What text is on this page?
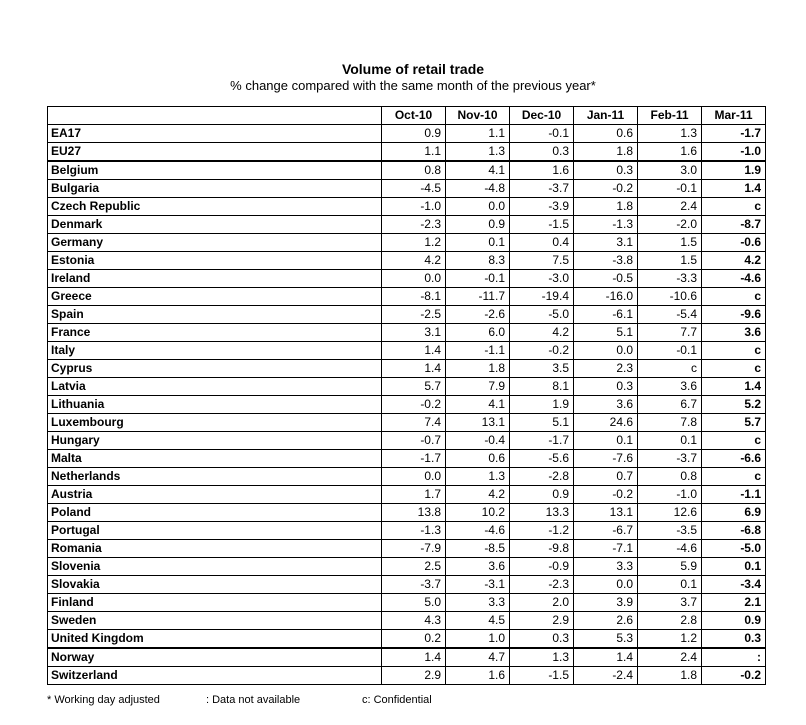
Volume of retail trade
% change compared with the same month of the previous year*
	Oct-10	Nov-10	Dec-10	Jan-11	Feb-11	Mar-11
EA17	0.9	1.1	-0.1	0.6	1.3	-1.7
EU27	1.1	1.3	0.3	1.8	1.6	-1.0
Belgium	0.8	4.1	1.6	0.3	3.0	1.9
Bulgaria	-4.5	-4.8	-3.7	-0.2	-0.1	1.4
Czech Republic	-1.0	0.0	-3.9	1.8	2.4	c
Denmark	-2.3	0.9	-1.5	-1.3	-2.0	-8.7
Germany	1.2	0.1	0.4	3.1	1.5	-0.6
Estonia	4.2	8.3	7.5	-3.8	1.5	4.2
Ireland	0.0	-0.1	-3.0	-0.5	-3.3	-4.6
Greece	-8.1	-11.7	-19.4	-16.0	-10.6	c
Spain	-2.5	-2.6	-5.0	-6.1	-5.4	-9.6
France	3.1	6.0	4.2	5.1	7.7	3.6
Italy	1.4	-1.1	-0.2	0.0	-0.1	c
Cyprus	1.4	1.8	3.5	2.3	c	c
Latvia	5.7	7.9	8.1	0.3	3.6	1.4
Lithuania	-0.2	4.1	1.9	3.6	6.7	5.2
Luxembourg	7.4	13.1	5.1	24.6	7.8	5.7
Hungary	-0.7	-0.4	-1.7	0.1	0.1	c
Malta	-1.7	0.6	-5.6	-7.6	-3.7	-6.6
Netherlands	0.0	1.3	-2.8	0.7	0.8	c
Austria	1.7	4.2	0.9	-0.2	-1.0	-1.1
Poland	13.8	10.2	13.3	13.1	12.6	6.9
Portugal	-1.3	-4.6	-1.2	-6.7	-3.5	-6.8
Romania	-7.9	-8.5	-9.8	-7.1	-4.6	-5.0
Slovenia	2.5	3.6	-0.9	3.3	5.9	0.1
Slovakia	-3.7	-3.1	-2.3	0.0	0.1	-3.4
Finland	5.0	3.3	2.0	3.9	3.7	2.1
Sweden	4.3	4.5	2.9	2.6	2.8	0.9
United Kingdom	0.2	1.0	0.3	5.3	1.2	0.3
Norway	1.4	4.7	1.3	1.4	2.4	:
Switzerland	2.9	1.6	-1.5	-2.4	1.8	-0.2
* Working day adjusted	: Data not available	c: Confidential
